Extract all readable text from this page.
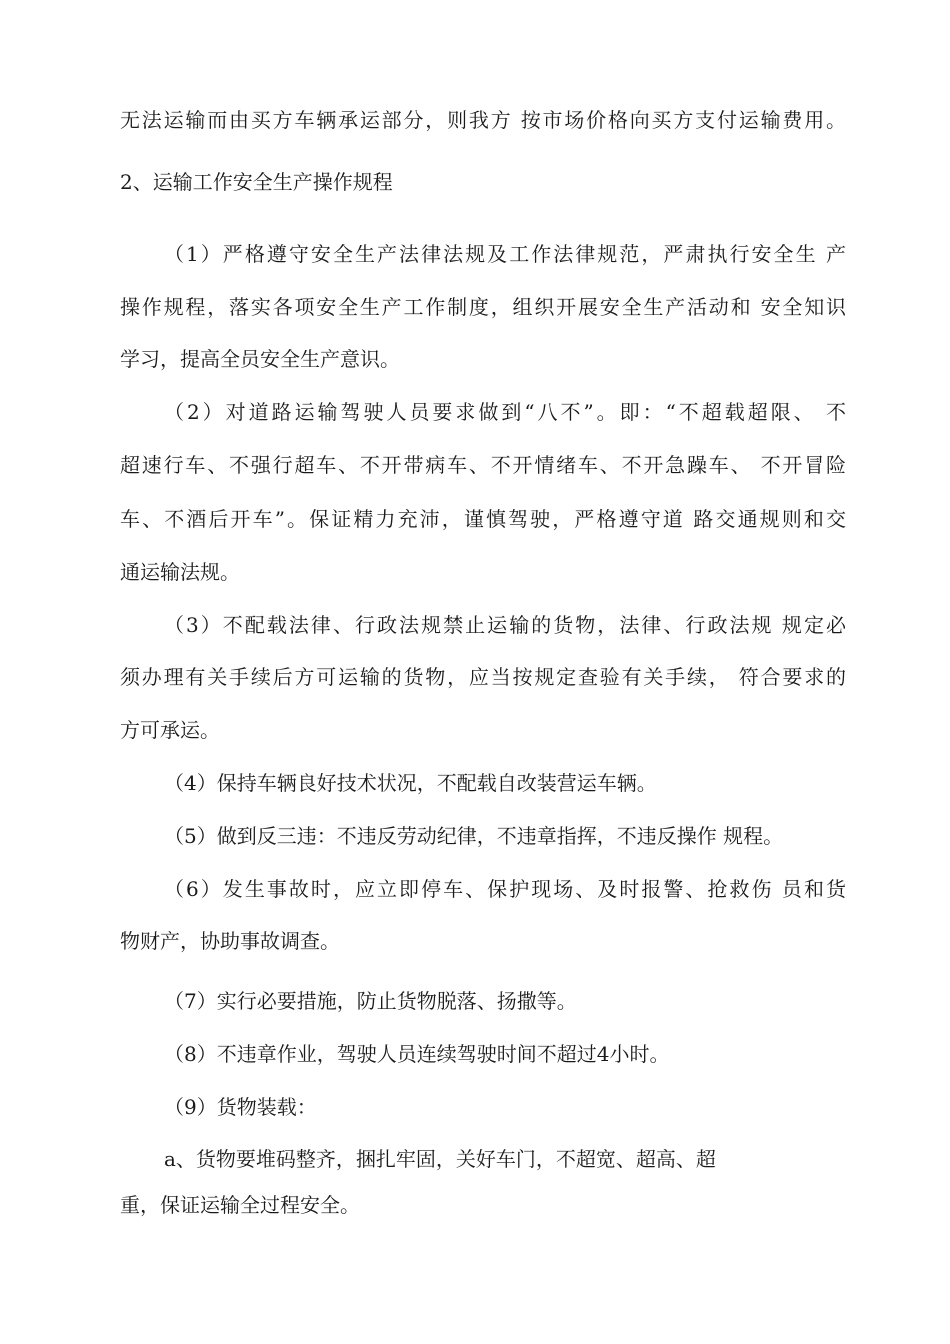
无法运输而由买方车辆承运部分，则我方 按市场价格向买方支付运输费用。
2、运输工作安全生产操作规程
（1）严格遵守安全生产法律法规及工作法律规范，严肃执行安全生 产
操作规程，落实各项安全生产工作制度，组织开展安全生产活动和 安全知识
学习，提高全员安全生产意识。
（2）对道路运输驾驶人员要求做到“八不”。即：“不超载超限、 不
超速行车、不强行超车、不开带病车、不开情绪车、不开急躁车、 不开冒险
车、不酒后开车”。保证精力充沛，谨慎驾驶，严格遵守道 路交通规则和交
通运输法规。
（3）不配载法律、行政法规禁止运输的货物，法律、行政法规 规定必
须办理有关手续后方可运输的货物，应当按规定查验有关手续， 符合要求的
方可承运。
（4）保持车辆良好技术状况，不配载自改装营运车辆。
（5）做到反三违：不违反劳动纪律，不违章指挥，不违反操作 规程。
（6）发生事故时，应立即停车、保护现场、及时报警、抢救伤 员和货
物财产，协助事故调查。
（7）实行必要措施，防止货物脱落、扬撒等。
（8）不违章作业，驾驶人员连续驾驶时间不超过4小时。
（9）货物装载：
a、货物要堆码整齐，捆扎牢固，关好车门，不超宽、超高、超
重，保证运输全过程安全。
